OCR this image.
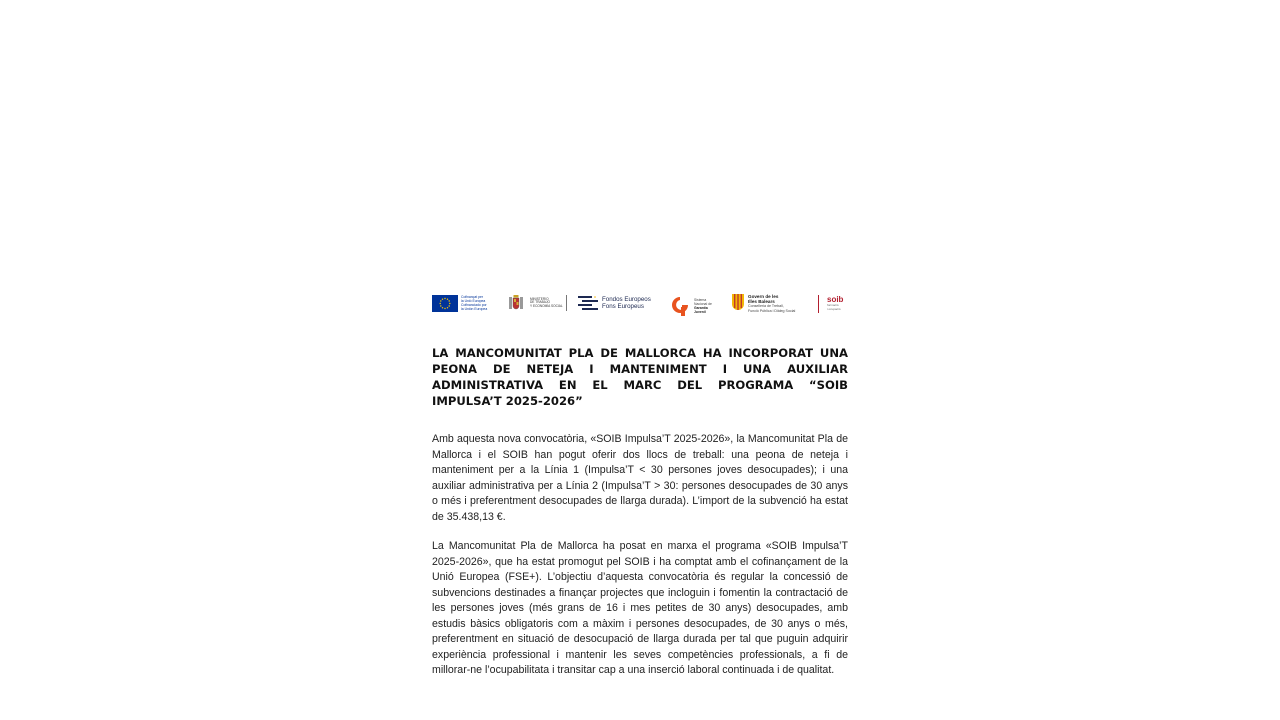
Cofinançat per
la Unió Europea
Cofinanciado por
la Unión Europea
MINISTERIO
DE TRABAJO
Y ECONOMÍA SOCIAL
Fondos Europeos
Fons Europeus
Sistema
Nacional de
Garantía
Juvenil
Govern de les
Illes Balears
Conselleria de Treball,
Funció Pública i Diàleg Social
soib
formació
i ocupació
LA MANCOMUNITAT PLA DE MALLORCA HA INCORPORAT UNA PEONA DE NETEJA I MANTENIMENT I UNA AUXILIAR ADMINISTRATIVA EN EL MARC DEL PROGRAMA “SOIB IMPULSA’T 2025-2026”

Amb aquesta nova convocatòria, «SOIB Impulsa’T 2025-2026», la Mancomunitat Pla de Mallorca i el SOIB han pogut oferir dos llocs de treball: una peona de neteja i manteniment per a la Línia 1 (Impulsa’T < 30 persones joves desocupades); i una auxiliar administrativa per a Línia 2 (Impulsa’T > 30: persones desocupades de 30 anys o més i preferentment desocupades de llarga durada). L’import de la subvenció ha estat de 35.438,13 €.

La Mancomunitat Pla de Mallorca ha posat en marxa el programa «SOIB Impulsa’T 2025-2026», que ha estat promogut pel SOIB i ha comptat amb el cofinançament de la Unió Europea (FSE+). L’objectiu d’aquesta convocatòria és regular la concessió de subvencions destinades a finançar projectes que incloguin i fomentin la contractació de les persones joves (més grans de 16 i mes petites de 30 anys) desocupades, amb estudis bàsics obligatoris com a màxim i persones desocupades, de 30 anys o més, preferentment en situació de desocupació de llarga durada per tal que puguin adquirir experiència professional i mantenir les seves competències professionals, a fi de millorar-ne l’ocupabilitata i transitar cap a una inserció laboral continuada i de qualitat.
